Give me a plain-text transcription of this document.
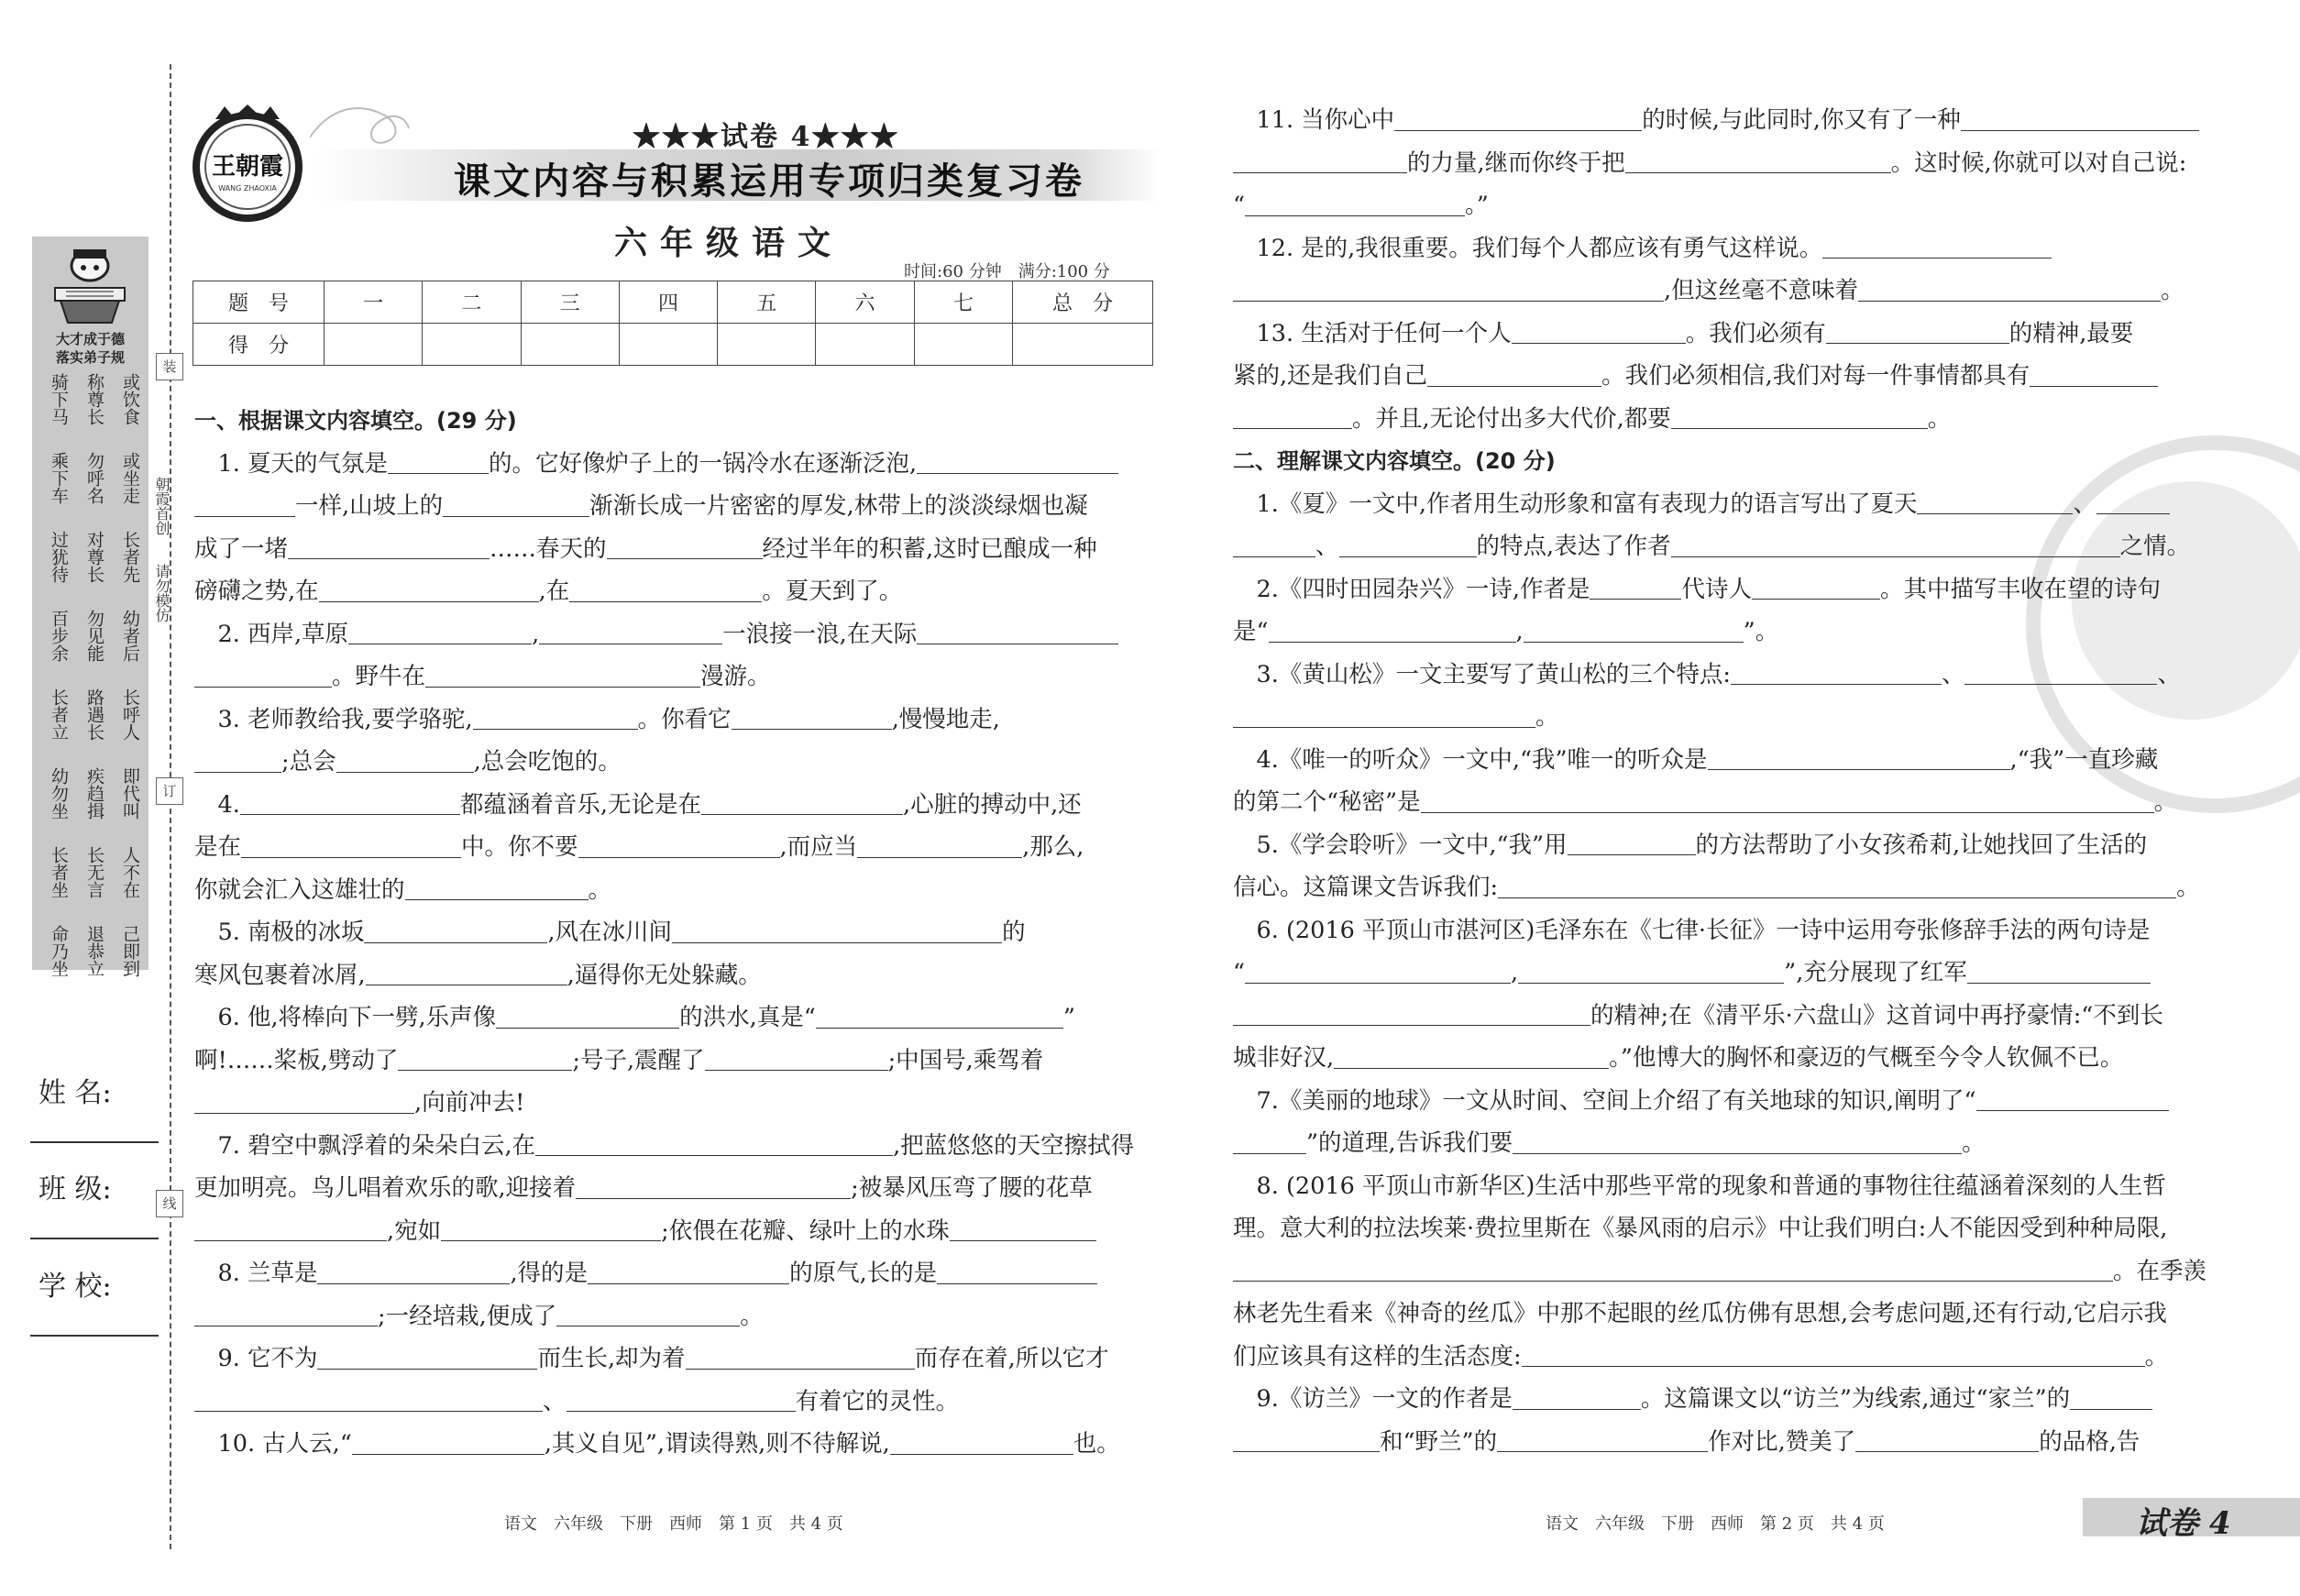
大才成于德
落实弟子规
骑下马 称尊长 或饮食
乘下车 勿呼名 或坐走
过犹待 对尊长 长者先
百步余 勿见能 幼者后
长者立 路遇长 长呼人
幼勿坐 疾趋揖 即代叫
长者坐 长无言 人不在
命乃坐 退恭立 己即到
装
订
线
朝霞首创
请勿模仿
姓 名:
班 级:
学 校:
王朝霞
WANG ZHAOXIA
★★★试卷 4★★★
课文内容与积累运用专项归类复习卷
六年级语文
时间:60 分钟　满分:100 分
题　号	一	二	三	四	五	六	七	总　分
得　分								

一、根据课文内容填空。(29 分)

　1. 夏天的气氛是	的。它好像炉子上的一锅冷水在逐渐泛泡,

一样,山坡上的	渐渐长成一片密密的厚发,林带上的淡淡绿烟也凝

成了一堵	……春天的	经过半年的积蓄,这时已酿成一种

磅礴之势,在	,在	。夏天到了。

　2. 西岸,草原	,	一浪接一浪,在天际

。野牛在	漫游。

　3. 老师教给我,要学骆驼,	。你看它	,慢慢地走,

;总会	,总会吃饱的。

　4.	都蕴涵着音乐,无论是在	,心脏的搏动中,还

是在	中。你不要	,而应当	,那么,

你就会汇入这雄壮的	。

　5. 南极的冰坂	,风在冰川间	的

寒风包裹着冰屑,	,逼得你无处躲藏。

　6. 他,将棒向下一劈,乐声像	的洪水,真是“	”

啊!……桨板,劈动了	;号子,震醒了	;中国号,乘驾着

,向前冲去!

　7. 碧空中飘浮着的朵朵白云,在	,把蓝悠悠的天空擦拭得

更加明亮。鸟儿唱着欢乐的歌,迎接着	;被暴风压弯了腰的花草

,宛如	;依偎在花瓣、绿叶上的水珠

　8. 兰草是	,得的是	的原气,长的是

;一经培栽,便成了	。

　9. 它不为	而生长,却为着	而存在着,所以它才

、	有着它的灵性。

　10. 古人云,“	,其义自见”,谓读得熟,则不待解说,	也。

　11. 当你心中	的时候,与此同时,你又有了一种

的力量,继而你终于把	。这时候,你就可以对自己说:

“	。”

　12. 是的,我很重要。我们每个人都应该有勇气这样说。

,但这丝毫不意味着	。

　13. 生活对于任何一个人	。我们必须有	的精神,最要

紧的,还是我们自己	。我们必须相信,我们对每一件事情都具有

。并且,无论付出多大代价,都要	。

二、理解课文内容填空。(20 分)

　1.《夏》一文中,作者用生动形象和富有表现力的语言写出了夏天	、

、	的特点,表达了作者	之情。

　2.《四时田园杂兴》一诗,作者是	代诗人	。其中描写丰收在望的诗句

是“	,	”。

　3.《黄山松》一文主要写了黄山松的三个特点:	、	、

。

　4.《唯一的听众》一文中,“我”唯一的听众是	,“我”一直珍藏

的第二个“秘密”是	。

　5.《学会聆听》一文中,“我”用	的方法帮助了小女孩希莉,让她找回了生活的

信心。这篇课文告诉我们:	。

　6. (2016 平顶山市湛河区)毛泽东在《七律·长征》一诗中运用夸张修辞手法的两句诗是

“	,	”,充分展现了红军

的精神;在《清平乐·六盘山》这首词中再抒豪情:“不到长

城非好汉,	。”他博大的胸怀和豪迈的气概至今令人钦佩不已。

　7.《美丽的地球》一文从时间、空间上介绍了有关地球的知识,阐明了“

”的道理,告诉我们要	。

　8. (2016 平顶山市新华区)生活中那些平常的现象和普通的事物往往蕴涵着深刻的人生哲

理。意大利的拉法埃莱·费拉里斯在《暴风雨的启示》中让我们明白:人不能因受到种种局限,

。在季羡

林老先生看来《神奇的丝瓜》中那不起眼的丝瓜仿佛有思想,会考虑问题,还有行动,它启示我

们应该具有这样的生活态度:	。

　9.《访兰》一文的作者是	。这篇课文以“访兰”为线索,通过“家兰”的

和“野兰”的	作对比,赞美了	的品格,告

语文　六年级　下册　西师　第 1 页　共 4 页	语文　六年级　下册　西师　第 2 页　共 4 页	试卷 4
